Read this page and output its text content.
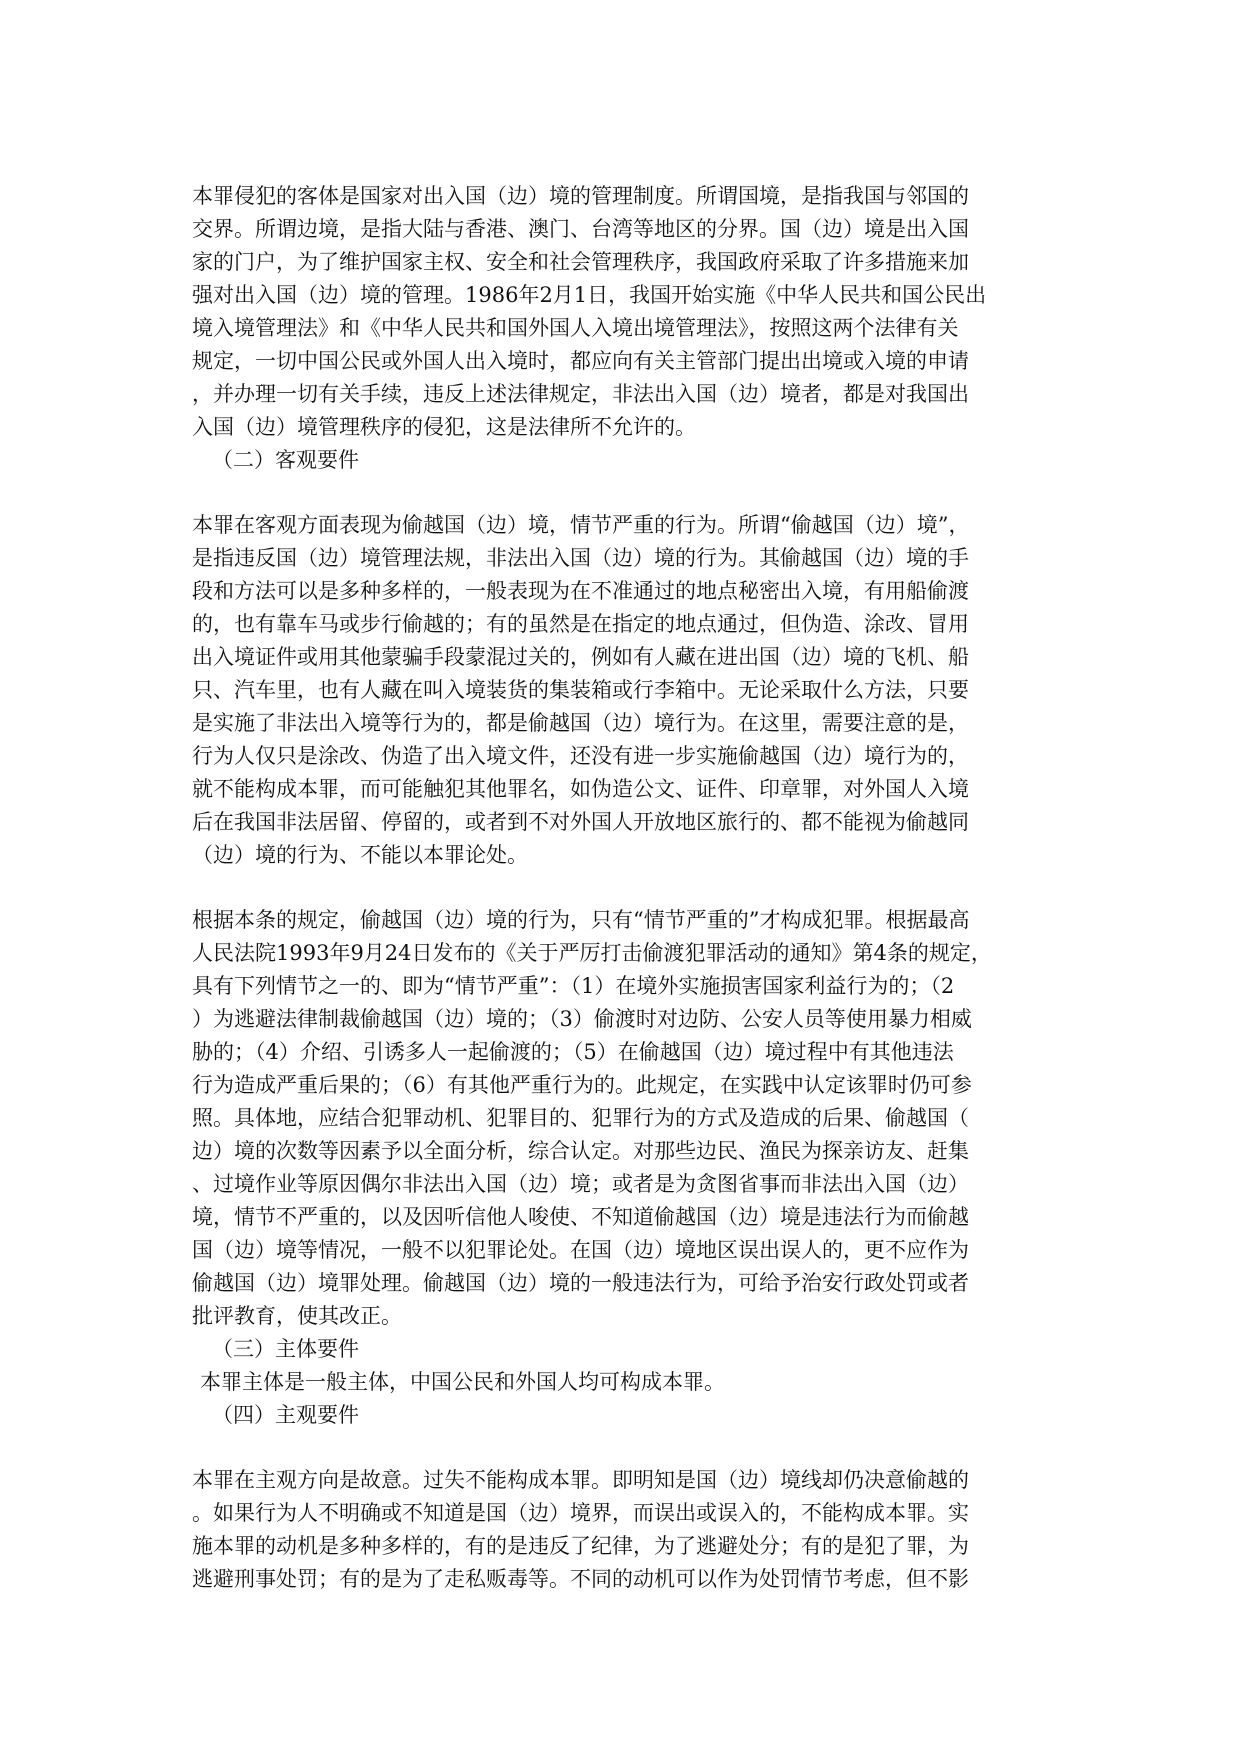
本罪侵犯的客体是国家对出入国（边）境的管理制度。所谓国境，是指我国与邻国的
交界。所谓边境，是指大陆与香港、澳门、台湾等地区的分界。国（边）境是出入国
家的门户，为了维护国家主权、安全和社会管理秩序，我国政府采取了许多措施来加
强对出入国（边）境的管理。1986年2月1日，我国开始实施《中华人民共和国公民出
境入境管理法》和《中华人民共和国外国人入境出境管理法》，按照这两个法律有关
规定，一切中国公民或外国人出入境时，都应向有关主管部门提出出境或入境的申请
，并办理一切有关手续，违反上述法律规定，非法出入国（边）境者，都是对我国出
入国（边）境管理秩序的侵犯，这是法律所不允许的。
（二）客观要件
本罪在客观方面表现为偷越国（边）境，情节严重的行为。所谓“偷越国（边）境”，
是指违反国（边）境管理法规，非法出入国（边）境的行为。其偷越国（边）境的手
段和方法可以是多种多样的，一般表现为在不准通过的地点秘密出入境，有用船偷渡
的，也有靠车马或步行偷越的；有的虽然是在指定的地点通过，但伪造、涂改、冒用
出入境证件或用其他蒙骗手段蒙混过关的，例如有人藏在进出国（边）境的飞机、船
只、汽车里，也有人藏在叫入境装货的集装箱或行李箱中。无论采取什么方法，只要
是实施了非法出入境等行为的，都是偷越国（边）境行为。在这里，需要注意的是，
行为人仅只是涂改、伪造了出入境文件，还没有进一步实施偷越国（边）境行为的，
就不能构成本罪，而可能触犯其他罪名，如伪造公文、证件、印章罪，对外国人入境
后在我国非法居留、停留的，或者到不对外国人开放地区旅行的、都不能视为偷越同
（边）境的行为、不能以本罪论处。
根据本条的规定，偷越国（边）境的行为，只有“情节严重的”才构成犯罪。根据最高
人民法院1993年9月24日发布的《关于严厉打击偷渡犯罪活动的通知》第4条的规定，
具有下列情节之一的、即为“情节严重”：（1）在境外实施损害国家利益行为的；（2
）为逃避法律制裁偷越国（边）境的；（3）偷渡时对边防、公安人员等使用暴力相威
胁的；（4）介绍、引诱多人一起偷渡的；（5）在偷越国（边）境过程中有其他违法
行为造成严重后果的；（6）有其他严重行为的。此规定，在实践中认定该罪时仍可参
照。具体地，应结合犯罪动机、犯罪目的、犯罪行为的方式及造成的后果、偷越国（
边）境的次数等因素予以全面分析，综合认定。对那些边民、渔民为探亲访友、赶集
、过境作业等原因偶尔非法出入国（边）境；或者是为贪图省事而非法出入国（边）
境，情节不严重的，以及因听信他人唆使、不知道偷越国（边）境是违法行为而偷越
国（边）境等情况，一般不以犯罪论处。在国（边）境地区误出误人的，更不应作为
偷越国（边）境罪处理。偷越国（边）境的一般违法行为，可给予治安行政处罚或者
批评教育，使其改正。
（三）主体要件
本罪主体是一般主体，中国公民和外国人均可构成本罪。
（四）主观要件
本罪在主观方向是故意。过失不能构成本罪。即明知是国（边）境线却仍决意偷越的
。如果行为人不明确或不知道是国（边）境界，而误出或误入的，不能构成本罪。实
施本罪的动机是多种多样的，有的是违反了纪律，为了逃避处分；有的是犯了罪，为
逃避刑事处罚；有的是为了走私贩毒等。不同的动机可以作为处罚情节考虑，但不影
